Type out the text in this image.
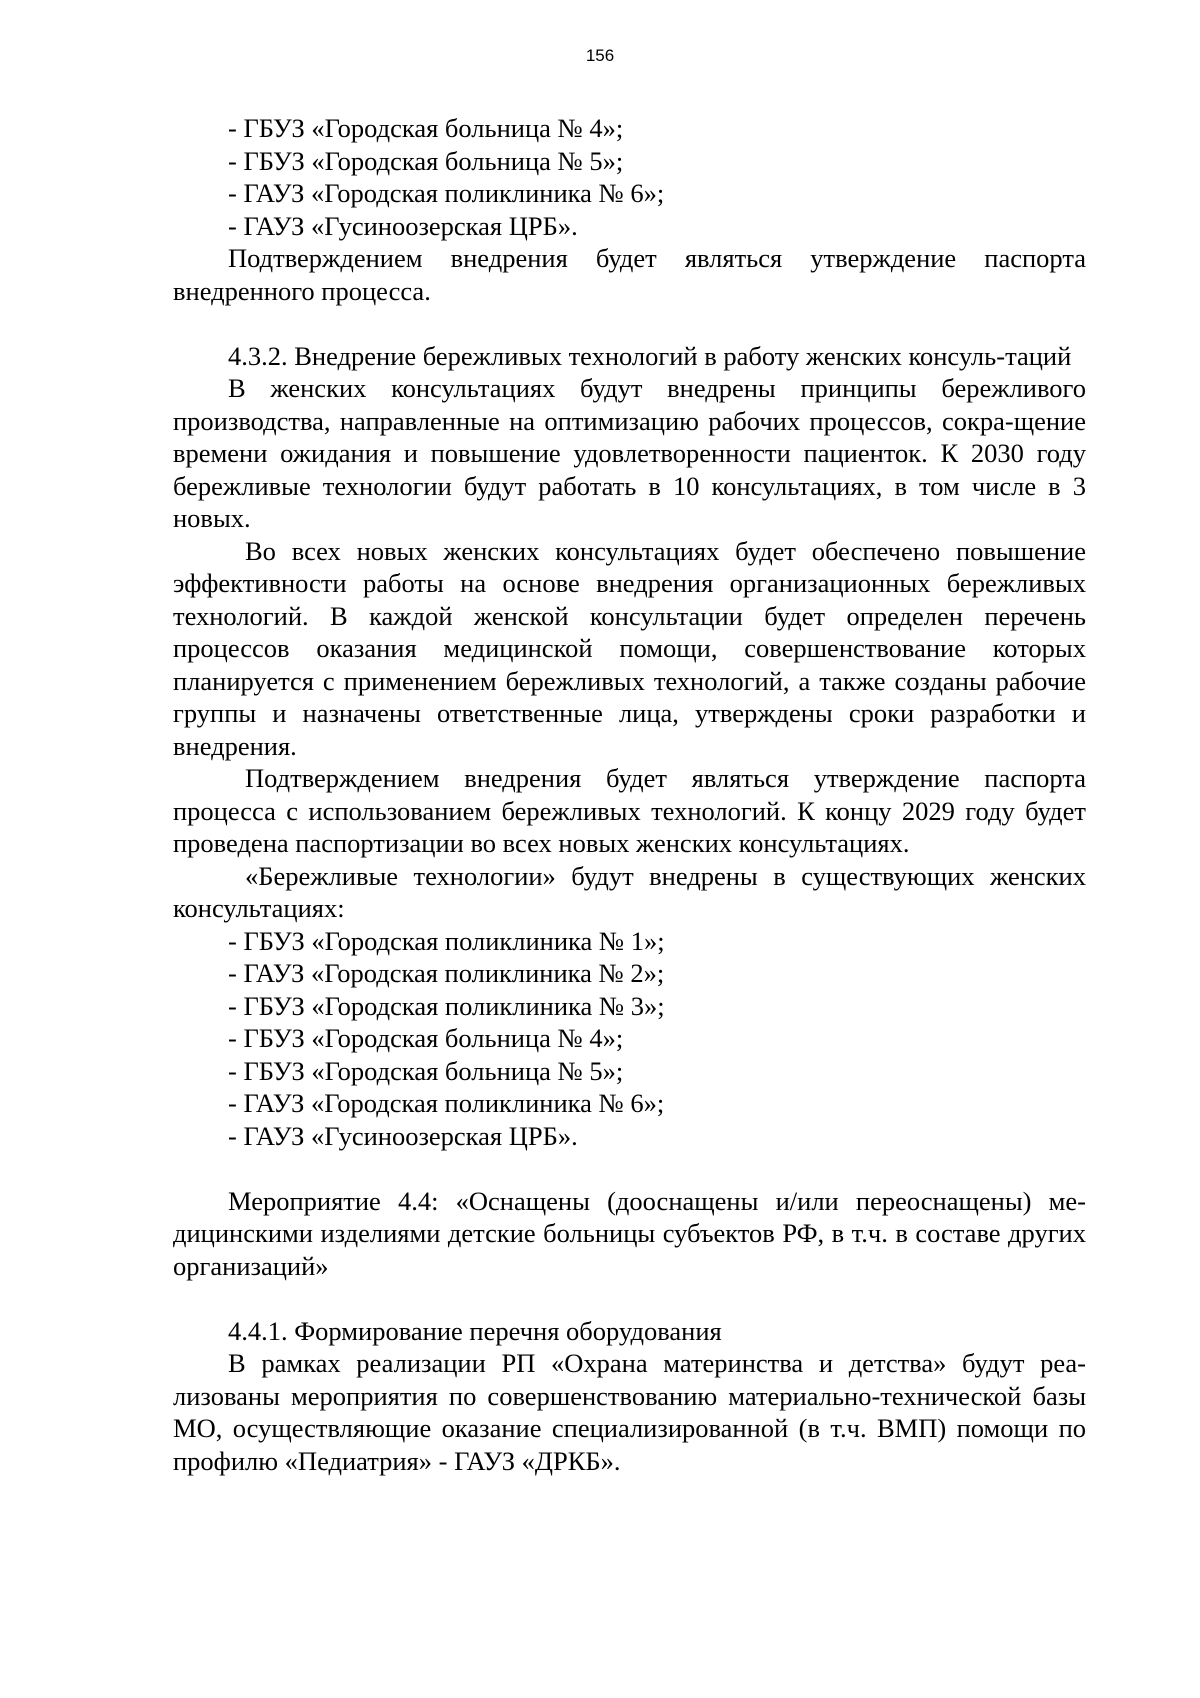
156
- ГБУЗ «Городская больница № 4»;
- ГБУЗ «Городская больница № 5»;
- ГАУЗ «Городская поликлиника № 6»;
- ГАУЗ «Гусиноозерская ЦРБ».
Подтверждением внедрения будет являться утверждение паспорта внедренного процесса.
4.3.2. Внедрение бережливых технологий в работу женских консуль-таций
В женских консультациях будут внедрены принципы бережливого производства, направленные на оптимизацию рабочих процессов, сокра-щение времени ожидания и повышение удовлетворенности пациенток. К 2030 году бережливые технологии будут работать в 10 консультациях, в том числе в 3 новых.
Во всех новых женских консультациях будет обеспечено повышение эффективности работы на основе внедрения организационных бережливых технологий. В каждой женской консультации будет определен перечень процессов оказания медицинской помощи, совершенствование которых планируется с применением бережливых технологий, а также созданы рабочие группы и назначены ответственные лица, утверждены сроки разработки и внедрения.
Подтверждением внедрения будет являться утверждение паспорта процесса с использованием бережливых технологий. К концу 2029 году будет проведена паспортизации во всех новых женских консультациях.
«Бережливые технологии» будут внедрены в существующих женских консультациях:
- ГБУЗ «Городская поликлиника № 1»;
- ГАУЗ «Городская поликлиника № 2»;
- ГБУЗ «Городская поликлиника № 3»;
- ГБУЗ «Городская больница № 4»;
- ГБУЗ «Городская больница № 5»;
- ГАУЗ «Городская поликлиника № 6»;
- ГАУЗ «Гусиноозерская ЦРБ».
Мероприятие 4.4: «Оснащены (дооснащены и/или переоснащены) ме-дицинскими изделиями детские больницы субъектов РФ, в т.ч. в составе других организаций»
4.4.1. Формирование перечня оборудования
В рамках реализации РП «Охрана материнства и детства» будут реа-лизованы мероприятия по совершенствованию материально-технической базы МО, осуществляющие оказание специализированной (в т.ч. ВМП) помощи по профилю «Педиатрия» - ГАУЗ «ДРКБ».
